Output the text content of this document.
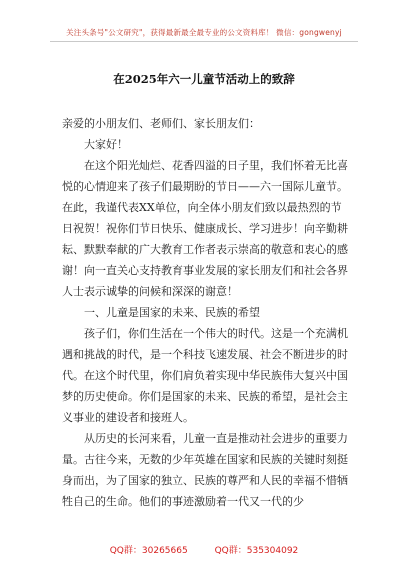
关注头条号"公文研究"，获得最新最全最专业的公文资料库！ 微信：gongwenyj
在2025年六一儿童节活动上的致辞

亲爱的小朋友们、老师们、家长朋友们：

大家好！

在这个阳光灿烂、花香四溢的日子里，我们怀着无比喜悦的心情迎来了孩子们最期盼的节日——六一国际儿童节。在此，我谨代表XX单位，向全体小朋友们致以最热烈的节日祝贺！祝你们节日快乐、健康成长、学习进步！向辛勤耕耘、默默奉献的广大教育工作者表示崇高的敬意和衷心的感谢！向一直关心支持教育事业发展的家长朋友们和社会各界人士表示诚挚的问候和深深的谢意！

一、儿童是国家的未来、民族的希望

孩子们，你们生活在一个伟大的时代。这是一个充满机遇和挑战的时代，是一个科技飞速发展、社会不断进步的时代。在这个时代里，你们肩负着实现中华民族伟大复兴中国梦的历史使命。你们是国家的未来、民族的希望，是社会主义事业的建设者和接班人。

从历史的长河来看，儿童一直是推动社会进步的重要力量。古往今来，无数的少年英雄在国家和民族的关键时刻挺身而出，为了国家的独立、民族的尊严和人民的幸福不惜牺牲自己的生命。他们的事迹激励着一代又一代的少

QQ群：30265665	QQ群：535304092
